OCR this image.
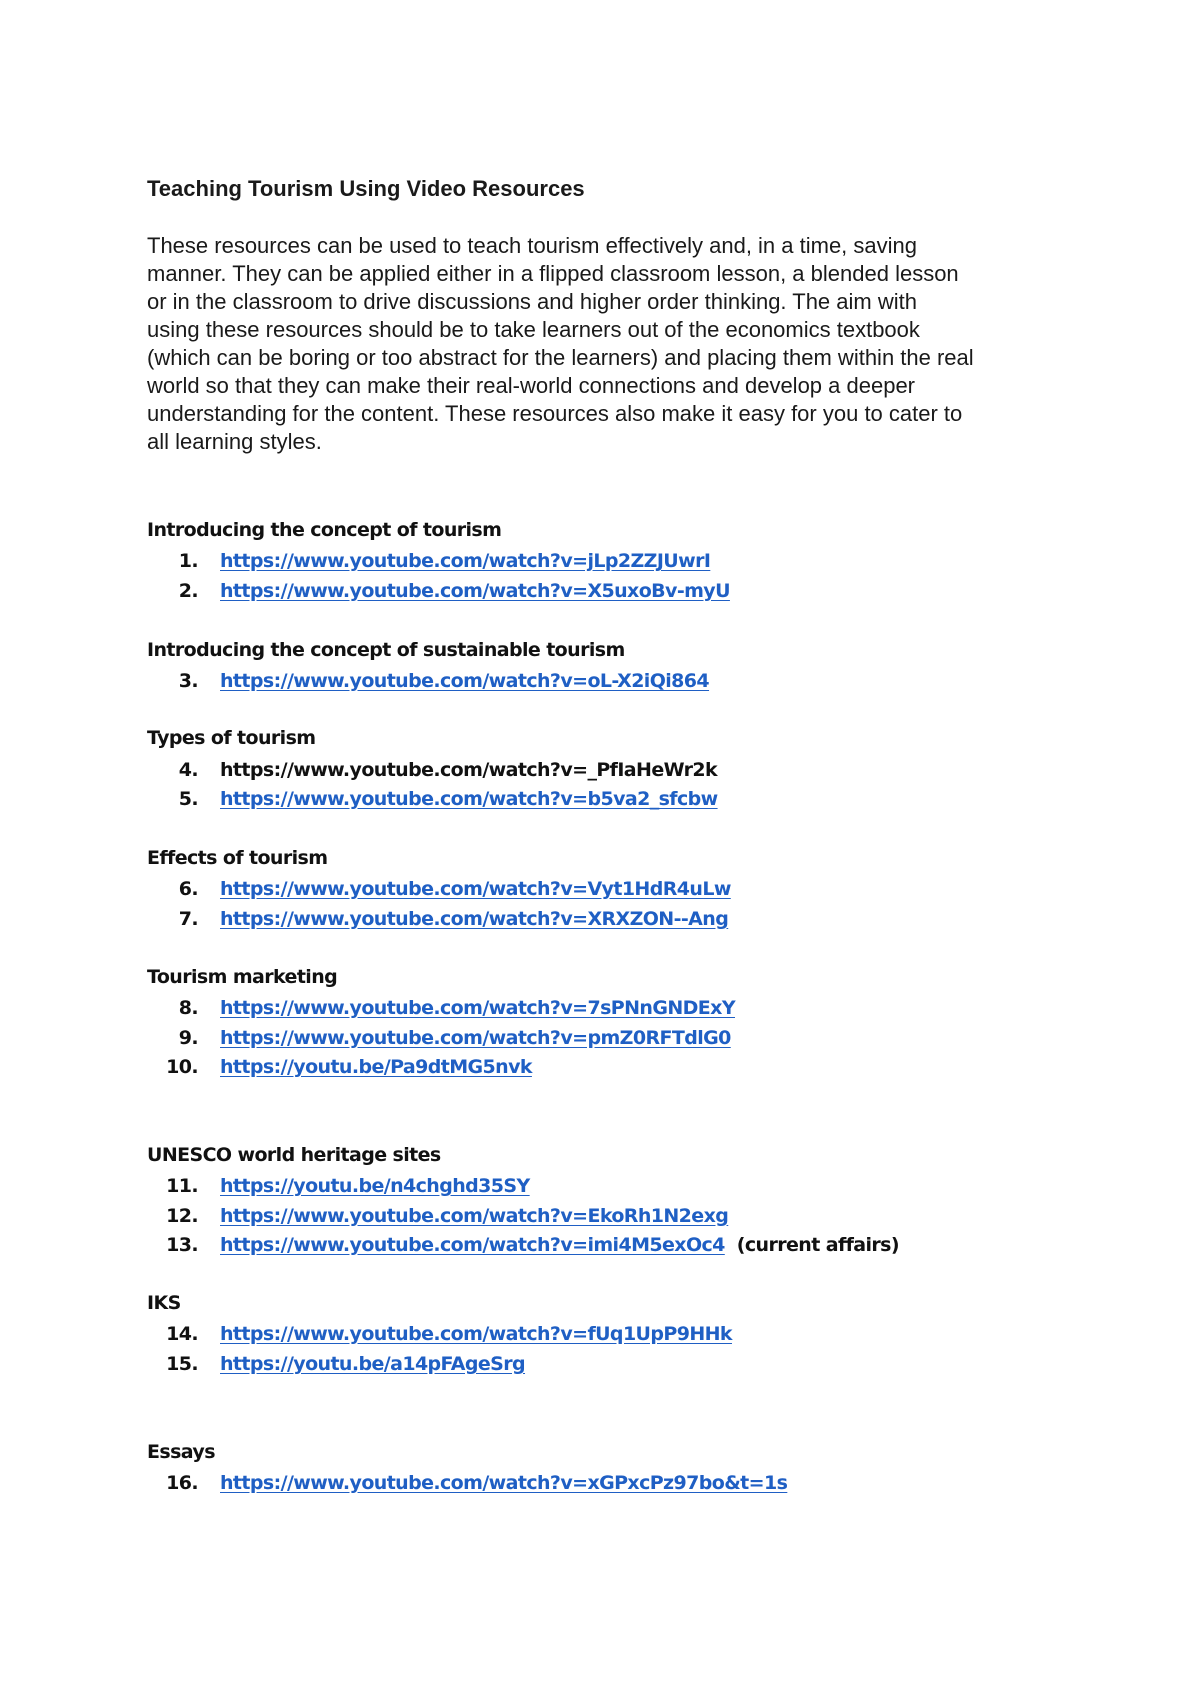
Teaching Tourism Using Video Resources
These resources can be used to teach tourism effectively and, in a time, saving
manner. They can be applied either in a flipped classroom lesson, a blended lesson
or in the classroom to drive discussions and higher order thinking. The aim with
using these resources should be to take learners out of the economics textbook
(which can be boring or too abstract for the learners) and placing them within the real
world so that they can make their real-world connections and develop a deeper
understanding for the content. These resources also make it easy for you to cater to
all learning styles.
Introducing the concept of tourism
1. https://www.youtube.com/watch?v=jLp2ZZJUwrI
2. https://www.youtube.com/watch?v=X5uxoBv-myU
Introducing the concept of sustainable tourism
3. https://www.youtube.com/watch?v=oL-X2iQi864
Types of tourism
4. https://www.youtube.com/watch?v=_PfIaHeWr2k
5. https://www.youtube.com/watch?v=b5va2_sfcbw
Effects of tourism
6. https://www.youtube.com/watch?v=Vyt1HdR4uLw
7. https://www.youtube.com/watch?v=XRXZON--Ang
Tourism marketing
8. https://www.youtube.com/watch?v=7sPNnGNDExY
9. https://www.youtube.com/watch?v=pmZ0RFTdlG0
10. https://youtu.be/Pa9dtMG5nvk
UNESCO world heritage sites
11. https://youtu.be/n4chghd35SY
12. https://www.youtube.com/watch?v=EkoRh1N2exg
13. https://www.youtube.com/watch?v=imi4M5exOc4 (current affairs)
IKS
14. https://www.youtube.com/watch?v=fUq1UpP9HHk
15. https://youtu.be/a14pFAgeSrg
Essays
16. https://www.youtube.com/watch?v=xGPxcPz97bo&t=1s
